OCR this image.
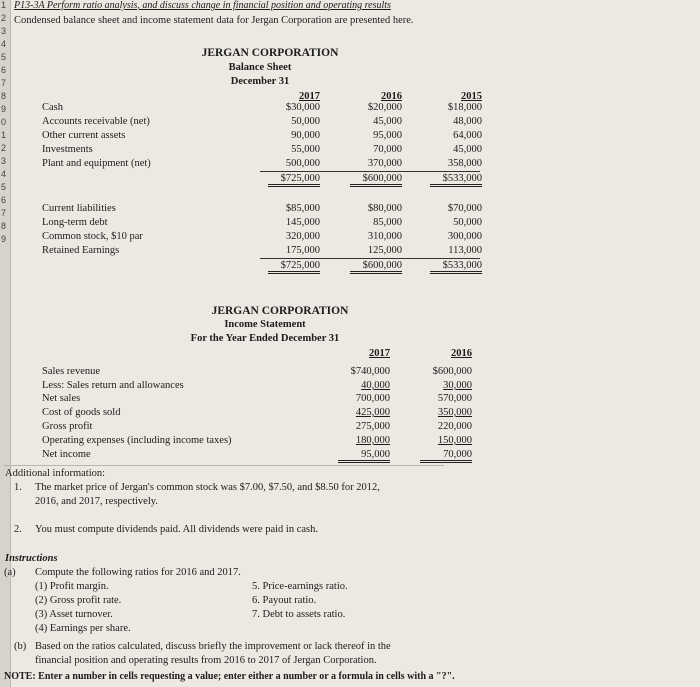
1
2
3
4
5
6
7
8
9
0
1
2
3
4
5
6
7
8
9
P13-3A Perform ratio analysis, and discuss change in financial position and operating results
Condensed balance sheet and income statement data for Jergan Corporation are presented here.
JERGAN CORPORATION
Balance Sheet
December 31
2017	2016	2015
Cash	$30,000	$20,000	$18,000
Accounts receivable (net)	50,000	45,000	48,000
Other current assets	90,000	95,000	64,000
Investments	55,000	70,000	45,000
Plant and equipment (net)	500,000	370,000	358,000
$725,000	$600,000	$533,000
Current liabilities	$85,000	$80,000	$70,000
Long-term debt	145,000	85,000	50,000
Common stock, $10 par	320,000	310,000	300,000
Retained Earnings	175,000	125,000	113,000
$725,000	$600,000	$533,000
JERGAN CORPORATION
Income Statement
For the Year Ended December 31
2017	2016
Sales revenue	$740,000	$600,000
Less: Sales return and allowances	40,000	30,000
Net sales	700,000	570,000
Cost of goods sold	425,000	350,000
Gross profit	275,000	220,000
Operating expenses (including income taxes)	180,000	150,000
Net income	95,000	70,000
Additional information:
1. The market price of Jergan's common stock was $7.00, $7.50, and $8.50 for 2012,
2016, and 2017, respectively.
2. You must compute dividends paid. All dividends were paid in cash.
Instructions
(a) Compute the following ratios for 2016 and 2017.
(1) Profit margin.
(2) Gross profit rate.
(3) Asset turnover.
(4) Earnings per share.
5. Price-earnings ratio.
6. Payout ratio.
7. Debt to assets ratio.
(b) Based on the ratios calculated, discuss briefly the improvement or lack thereof in the
financial position and operating results from 2016 to 2017 of Jergan Corporation.
NOTE: Enter a number in cells requesting a value; enter either a number or a formula in cells with a "?".
